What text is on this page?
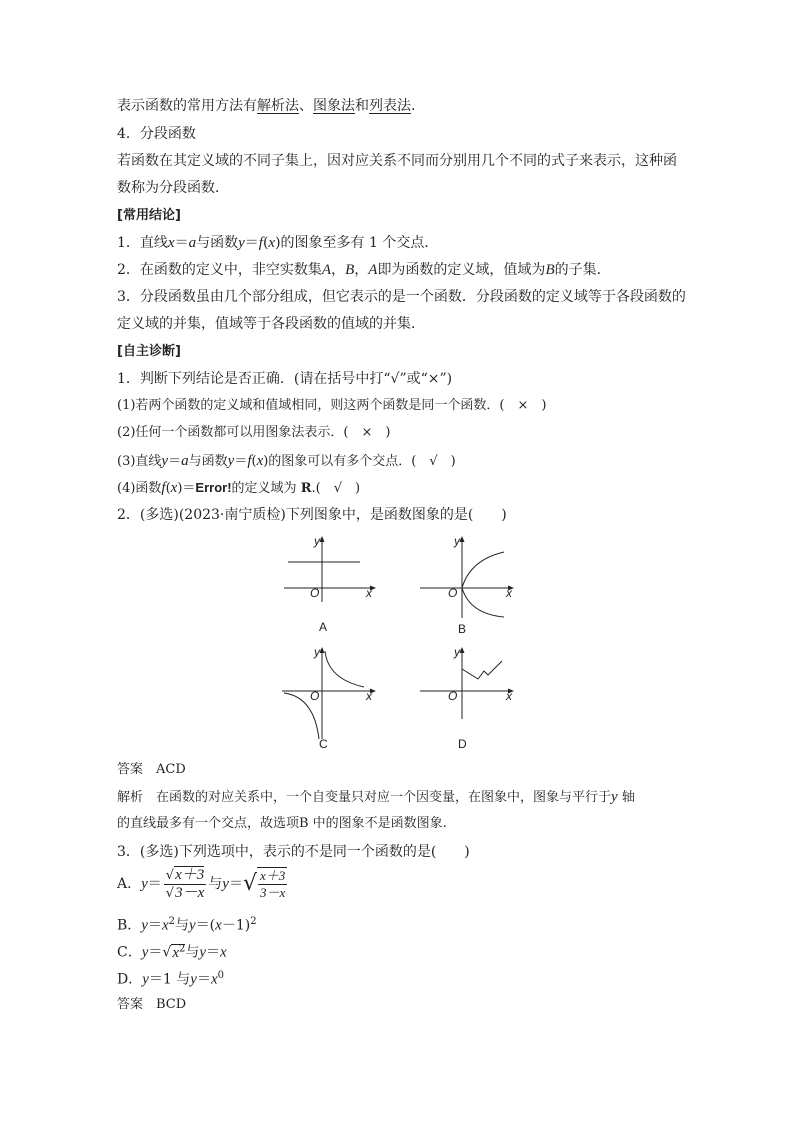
表示函数的常用方法有解析法、图象法和列表法.
4．分段函数
若函数在其定义域的不同子集上，因对应关系不同而分别用几个不同的式子来表示，这种函
数称为分段函数．
[常用结论]
1．直线x＝a与函数y＝f(x)的图象至多有 1 个交点．
2．在函数的定义中，非空实数集A，B，A即为函数的定义域，值域为B的子集．
3．分段函数虽由几个部分组成，但它表示的是一个函数．分段函数的定义域等于各段函数的
定义域的并集，值域等于各段函数的值域的并集．
[自主诊断]
1．判断下列结论是否正确．(请在括号中打“√”或“×”)
(1)若两个函数的定义域和值域相同，则这两个函数是同一个函数．(　×　)
(2)任何一个函数都可以用图象法表示．(　×　)
(3)直线y＝a与函数y＝f(x)的图象可以有多个交点．(　√　)
(4)函数f(x)＝Error!的定义域为 R.(　√　)
2．(多选)(2023·南宁质检)下列图象中，是函数图象的是(　　)
y
x
O
A
y
x
O
B
y
x
O
C
y
x
O
D
答案　ACD
解析　在函数的对应关系中，一个自变量只对应一个因变量，在图象中，图象与平行于y 轴
的直线最多有一个交点，故选项B 中的图象不是函数图象.
3．(多选)下列选项中，表示的不是同一个函数的是(　　)
A．$y= \frac{√x+3}{√3-x}$ 与$y=√ \frac{x+3}{3-x}$
B．$y=x^2$与$y=(x-1)^2$
C．$y=√x^2$与y＝x
D．y＝1 与$y=x^0$
答案　BCD
